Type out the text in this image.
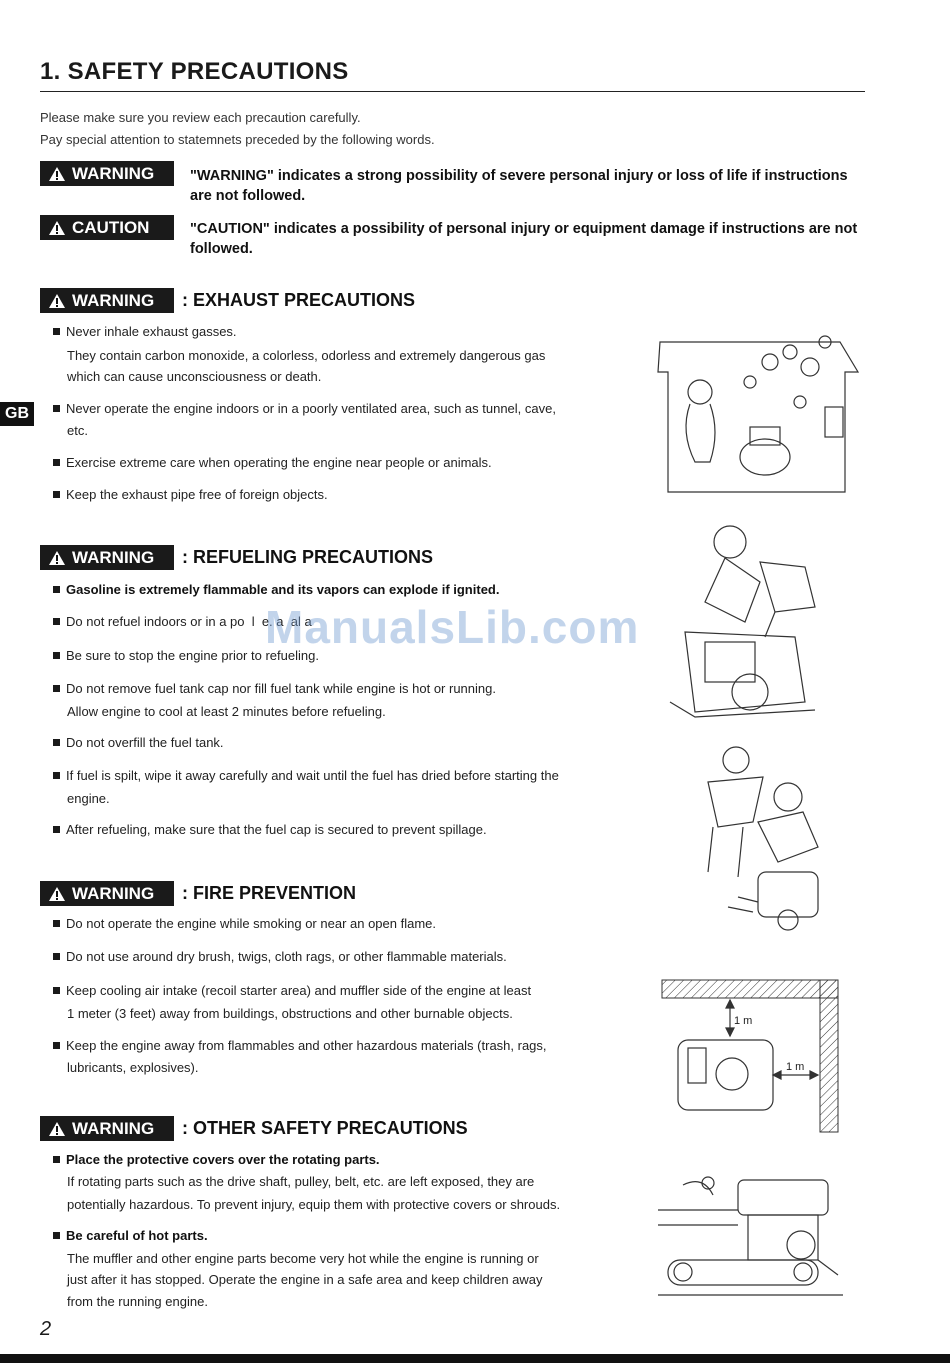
1. SAFETY PRECAUTIONS
Please make sure you review each precaution carefully.
Pay special attention to statemnets preceded by the following words.
WARNING "WARNING" indicates a strong possibility of severe personal injury or loss of life if instructions are not followed.
CAUTION	"CAUTION" indicates a possibility of personal injury or equipment damage if instructions are not followed.
GB
WARNING : EXHAUST PRECAUTIONS
Never inhale exhaust gasses.
They contain carbon monoxide, a colorless, odorless and extremely dangerous gas
which can cause unconsciousness or death.
Never operate the engine indoors or in a poorly ventilated area, such as tunnel, cave,
etc.
Exercise extreme care when operating the engine near people or animals.
Keep the exhaust pipe free of foreign objects.
WARNING : REFUELING PRECAUTIONS
Gasoline is extremely flammable and its vapors can explode if ignited.
Do not refuel indoors or in a po  l  e. a  al a
Be sure to stop the engine prior to refueling.
Do not remove fuel tank cap nor fill fuel tank while engine is hot or running.
Allow engine to cool at least 2 minutes before refueling.
Do not overfill the fuel tank.
If fuel is spilt, wipe it away carefully and wait until the fuel has dried before starting the
engine.
After refueling, make sure that the fuel cap is secured to prevent spillage.
WARNING : FIRE PREVENTION
Do not operate the engine while smoking or near an open flame.
Do not use around dry brush, twigs, cloth rags, or other flammable materials.
Keep cooling air intake (recoil starter area) and muffler side of the engine at least
1 meter (3 feet) away from buildings, obstructions and other burnable objects.
Keep the engine away from flammables and other hazardous materials (trash, rags,
lubricants, explosives).
WARNING : OTHER SAFETY PRECAUTIONS
Place the protective covers over the rotating parts.
If rotating parts such as the drive shaft, pulley, belt, etc. are left exposed, they are
potentially hazardous. To prevent injury, equip them with protective covers or shrouds.
Be careful of hot parts.
The muffler and other engine parts become very hot while the engine is running or
just after it has stopped. Operate the engine in a safe area and keep children away
from the running engine.
1 m
1 m
ManualsLib.com
2
